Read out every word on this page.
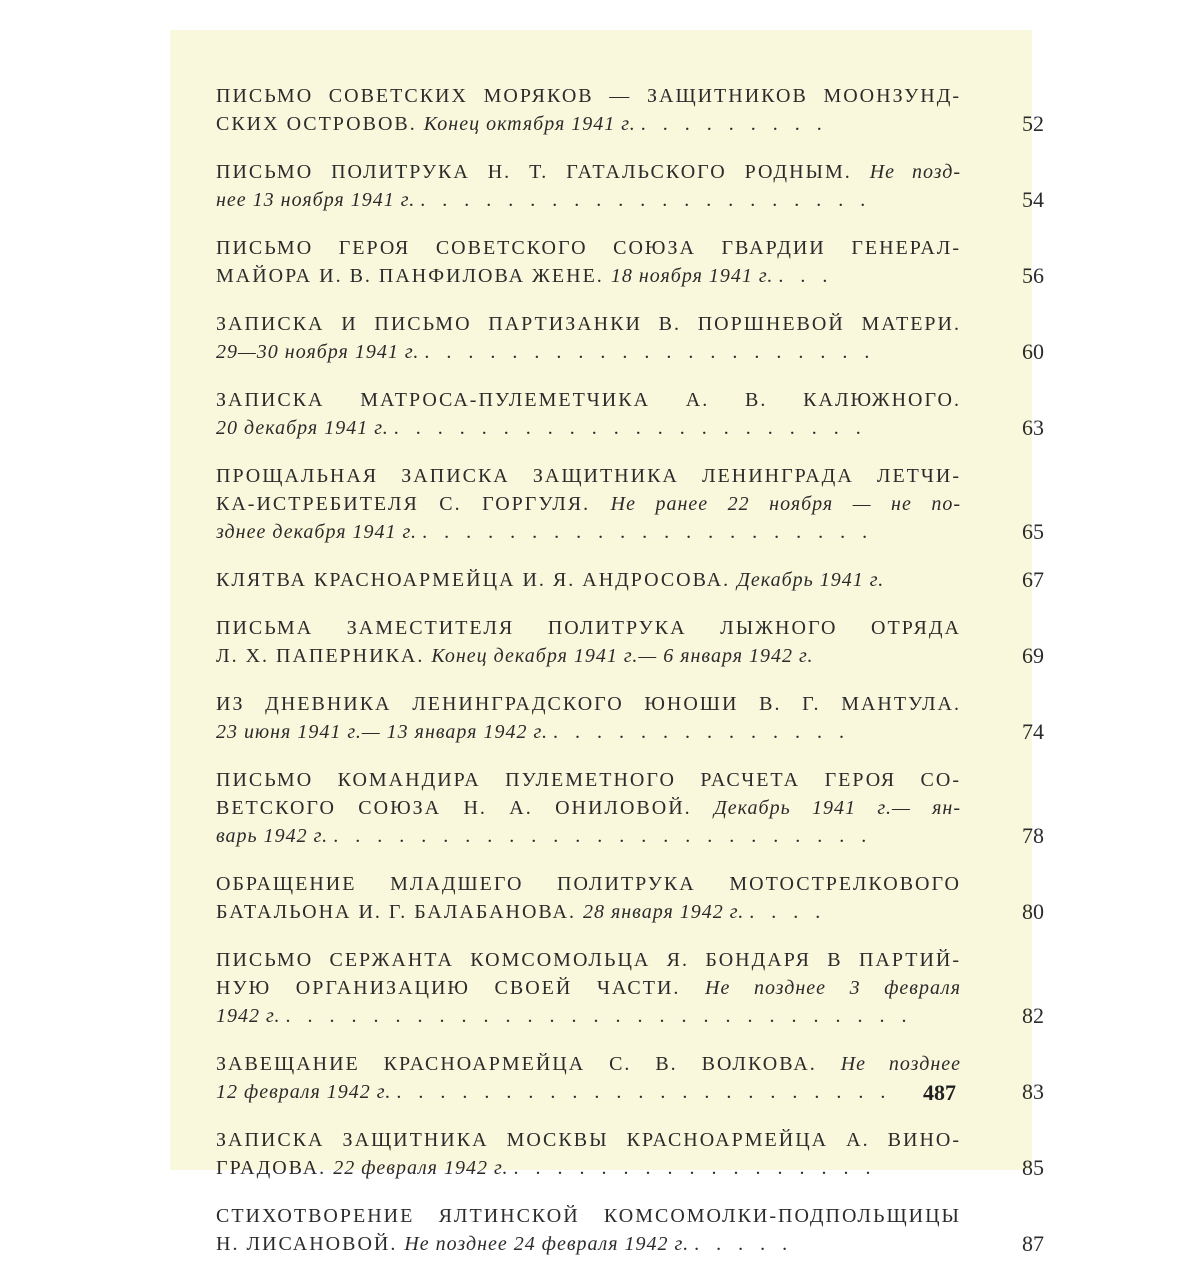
ПИСЬМО СОВЕТСКИХ МОРЯКОВ — ЗАЩИТНИКОВ МООНЗУНД-
СКИХ ОСТРОВОВ. Конец октября 1941 г. . . . . . . . . .	52
ПИСЬМО ПОЛИТРУКА Н. Т. ГАТАЛЬСКОГО РОДНЫМ. Не позд-
нее 13 ноября 1941 г. . . . . . . . . . . . . . . . . . . . . .	54
ПИСЬМО ГЕРОЯ СОВЕТСКОГО СОЮЗА ГВАРДИИ ГЕНЕРАЛ-
МАЙОРА И. В. ПАНФИЛОВА ЖЕНЕ. 18 ноября 1941 г. . . .	56
ЗАПИСКА И ПИСЬМО ПАРТИЗАНКИ В. ПОРШНЕВОЙ МАТЕРИ.
29—30 ноября 1941 г. . . . . . . . . . . . . . . . . . . . . .	60
ЗАПИСКА МАТРОСА-ПУЛЕМЕТЧИКА А. В. КАЛЮЖНОГО.
20 декабря 1941 г. . . . . . . . . . . . . . . . . . . . . . .	63
ПРОЩАЛЬНАЯ ЗАПИСКА ЗАЩИТНИКА ЛЕНИНГРАДА ЛЕТЧИ-
КА-ИСТРЕБИТЕЛЯ С. ГОРГУЛЯ. Не ранее 22 ноября — не по-
зднее декабря 1941 г. . . . . . . . . . . . . . . . . . . . . .	65
КЛЯТВА КРАСНОАРМЕЙЦА И. Я. АНДРОСОВА. Декабрь 1941 г.	67
ПИСЬМА ЗАМЕСТИТЕЛЯ ПОЛИТРУКА ЛЫЖНОГО ОТРЯДА
Л. Х. ПАПЕРНИКА. Конец декабря 1941 г.— 6 января 1942 г.	69
ИЗ ДНЕВНИКА ЛЕНИНГРАДСКОГО ЮНОШИ В. Г. МАНТУЛА.
23 июня 1941 г.— 13 января 1942 г. . . . . . . . . . . . . . .	74
ПИСЬМО КОМАНДИРА ПУЛЕМЕТНОГО РАСЧЕТА ГЕРОЯ СО-
ВЕТСКОГО СОЮЗА Н. А. ОНИЛОВОЙ. Декабрь 1941 г.— ян-
варь 1942 г. . . . . . . . . . . . . . . . . . . . . . . . . .	78
ОБРАЩЕНИЕ МЛАДШЕГО ПОЛИТРУКА МОТОСТРЕЛКОВОГО
БАТАЛЬОНА И. Г. БАЛАБАНОВА. 28 января 1942 г. . . . .	80
ПИСЬМО СЕРЖАНТА КОМСОМОЛЬЦА Я. БОНДАРЯ В ПАРТИЙ-
НУЮ ОРГАНИЗАЦИЮ СВОЕЙ ЧАСТИ. Не позднее 3 февраля
1942 г. . . . . . . . . . . . . . . . . . . . . . . . . . . . . .	82
ЗАВЕЩАНИЕ КРАСНОАРМЕЙЦА С. В. ВОЛКОВА. Не позднее
12 февраля 1942 г. . . . . . . . . . . . . . . . . . . . . . . .	83
ЗАПИСКА ЗАЩИТНИКА МОСКВЫ КРАСНОАРМЕЙЦА А. ВИНО-
ГРАДОВА. 22 февраля 1942 г. . . . . . . . . . . . . . . . . .	85
СТИХОТВОРЕНИЕ ЯЛТИНСКОЙ КОМСОМОЛКИ-ПОДПОЛЬЩИЦЫ
Н. ЛИСАНОВОЙ. Не позднее 24 февраля 1942 г. . . . . .	87
487
